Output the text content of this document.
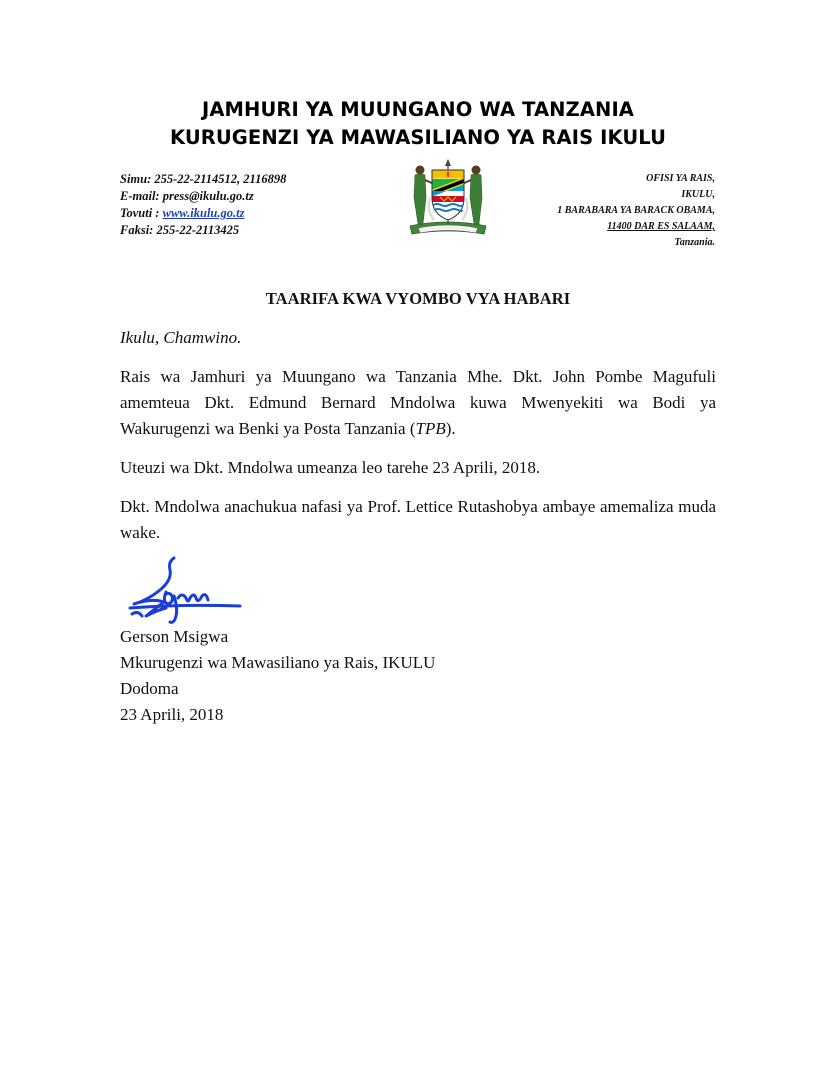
JAMHURI YA MUUNGANO WA TANZANIA
KURUGENZI YA MAWASILIANO YA RAIS IKULU
Simu: 255-22-2114512, 2116898
E-mail: press@ikulu.go.tz
Tovuti : www.ikulu.go.tz
Faksi: 255-22-2113425
OFISI YA RAIS,
IKULU,
1 BARABARA YA BARACK OBAMA,
11400 DAR ES SALAAM,
Tanzania.
TAARIFA KWA VYOMBO VYA HABARI
Ikulu, Chamwino.
Rais wa Jamhuri ya Muungano wa Tanzania Mhe. Dkt. John Pombe Magufuli amemteua Dkt. Edmund Bernard Mndolwa kuwa Mwenyekiti wa Bodi ya Wakurugenzi wa Benki ya Posta Tanzania (TPB).
Uteuzi wa Dkt. Mndolwa umeanza leo tarehe 23 Aprili, 2018.
Dkt. Mndolwa anachukua nafasi ya Prof. Lettice Rutashobya ambaye amemaliza muda wake.
Gerson Msigwa
Mkurugenzi wa Mawasiliano ya Rais, IKULU
Dodoma
23 Aprili, 2018
